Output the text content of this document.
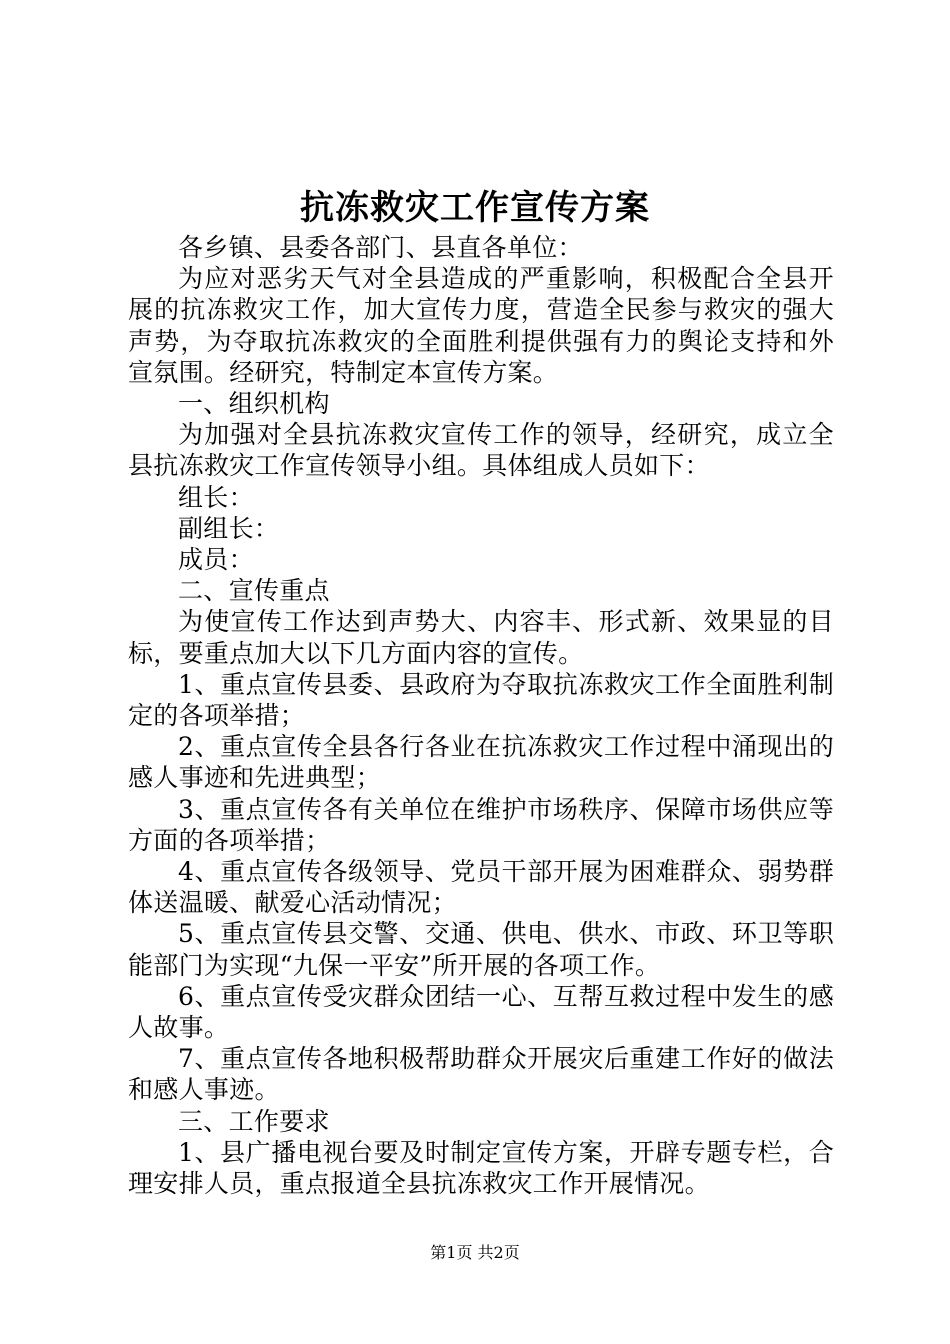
抗冻救灾工作宣传方案

各乡镇、县委各部门、县直各单位：

为应对恶劣天气对全县造成的严重影响，积极配合全县开展的抗冻救灾工作，加大宣传力度，营造全民参与救灾的强大声势，为夺取抗冻救灾的全面胜利提供强有力的舆论支持和外宣氛围。经研究，特制定本宣传方案。

一、组织机构

为加强对全县抗冻救灾宣传工作的领导，经研究，成立全县抗冻救灾工作宣传领导小组。具体组成人员如下：

组长：

副组长：

成员：

二、宣传重点

为使宣传工作达到声势大、内容丰、形式新、效果显的目标，要重点加大以下几方面内容的宣传。

1、重点宣传县委、县政府为夺取抗冻救灾工作全面胜利制定的各项举措；

2、重点宣传全县各行各业在抗冻救灾工作过程中涌现出的感人事迹和先进典型；

3、重点宣传各有关单位在维护市场秩序、保障市场供应等方面的各项举措；

4、重点宣传各级领导、党员干部开展为困难群众、弱势群体送温暖、献爱心活动情况；

5、重点宣传县交警、交通、供电、供水、市政、环卫等职能部门为实现“九保一平安”所开展的各项工作。

6、重点宣传受灾群众团结一心、互帮互救过程中发生的感人故事。

7、重点宣传各地积极帮助群众开展灾后重建工作好的做法和感人事迹。

三、工作要求

1、县广播电视台要及时制定宣传方案，开辟专题专栏，合理安排人员，重点报道全县抗冻救灾工作开展情况。

第1页 共2页
